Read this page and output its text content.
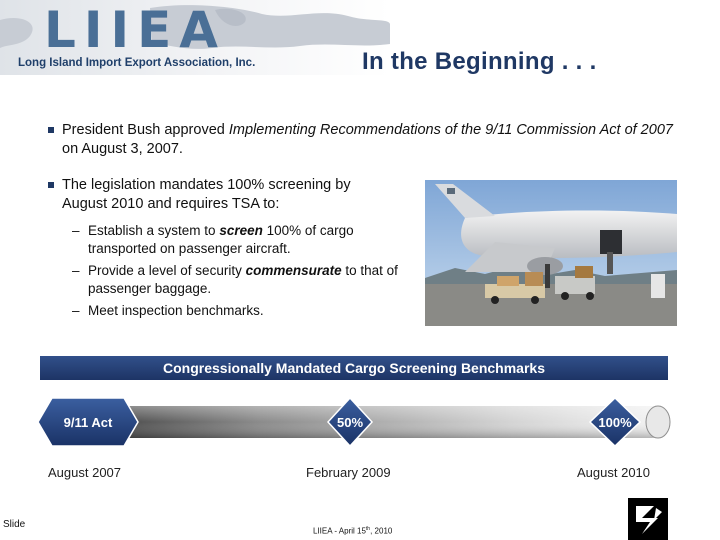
LIIEA
Long Island Import Export Association, Inc.	In the Beginning . . .
President Bush approved Implementing Recommendations of the 9/11 Commission Act of 2007 on August 3, 2007.
The legislation mandates 100% screening by August 2010 and requires TSA to:
– Establish a system to screen 100% of cargo transported on passenger aircraft.
– Provide a level of security commensurate to that of passenger baggage.
– Meet inspection benchmarks.
Congressionally Mandated Cargo Screening Benchmarks
9/11 Act	50%	100%
August 2007	February 2009	August 2010
Slide
LIIEA - April 15th, 2010
